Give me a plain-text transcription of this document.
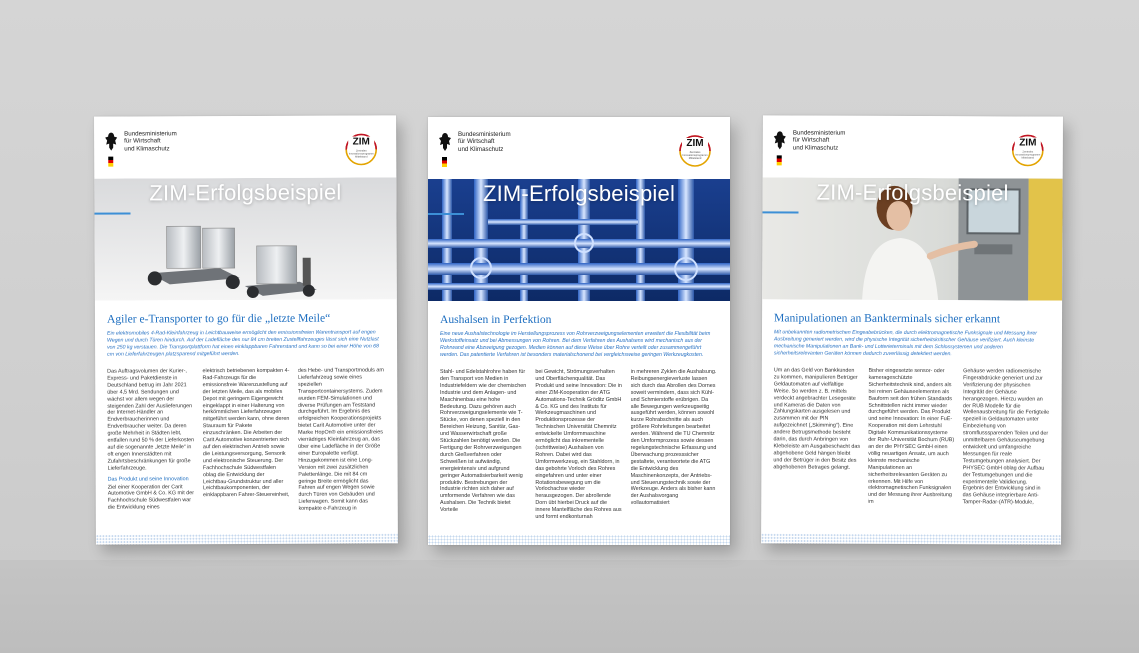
Bundesministerium
für Wirtschaft
und Klimaschutz
ZIM
Zentrales
Innovationsprogramm
Mittelstand
ZIM-Erfolgsbeispiel
Agiler e-Transporter to go für die „letzte Meile“
Ein elektromobiles 4-Rad-Kleinfahrzeug in Leichtbauweise ermöglicht den emissionsfreien Warentransport auf engen Wegen und durch Türen hindurch. Auf der Ladefläche des nur 84 cm breiten Zustellfahrzeuges lässt sich eine Nutzlast von 250 kg verstauen. Die Transportplattform hat einen einklappbaren Fahrerstand und kann so bei einer Höhe von 68 cm von Lieferfahrzeugen platzsparend mitgeführt werden.
Das Auftragsvolumen der Kurier-, Express- und Paketdienste in Deutschland betrug im Jahr 2021 über 4,5 Mrd. Sendungen und wächst vor allem wegen der steigenden Zahl der Auslieferungen der Internet-Händler an Endverbraucherinnen und Endverbraucher weiter. Da deren große Mehrheit in Städten lebt, entfallen rund 50 % der Lieferkosten auf die sogenannte „letzte Meile“ in oft engen Innenstädten mit Zufahrtsbeschränkungen für große Lieferfahrzeuge.
Das Produkt und seine Innovation
Ziel einer Kooperation der Carit Automotive GmbH & Co. KG mit der Fachhochschule Südwestfalen war die Entwicklung eines
elektrisch betriebenen kompakten 4-Rad-Fahrzeugs für die emissionsfreie Warenzustellung auf der letzten Meile, das als mobiles Depot mit geringem Eigengewicht eingeklappt in einer Halterung von herkömmlichen Lieferfahrzeugen mitgeführt werden kann, ohne deren Stauraum für Pakete einzuschränken. Die Arbeiten der Carit Automotive konzentrierten sich auf den elektrischen Antrieb sowie die Leistungsversorgung, Sensorik und elektronische Steuerung. Der Fachhochschule Südwestfalen oblag die Entwicklung der Leichtbau-Grundstruktur und aller Leichtbaukomponenten, der einklappbaren Fahrer-Steuereinheit,
des Hebe- und Transportmoduls am Lieferfahrzeug sowie eines speziellen Transportcontainersystems. Zudem wurden FEM-Simulationen und diverse Prüfungen am Teststand durchgeführt. Im Ergebnis des erfolgreichen Kooperationsprojekts bietet Carit Automotive unter der Marke HopOn® ein emissionsfreies vierrädriges Kleinfahrzeug an, das über eine Ladefläche in der Größe einer Europalette verfügt. Hinzugekommen ist eine Long-Version mit zwei zusätzlichen Palettenlänge. Die mit 84 cm geringe Breite ermöglicht das Fahren auf engen Wegen sowie durch Türen von Gebäuden und Lieferwagen. Somit kann das kompakte e-Fahrzeug in
Bundesministerium
für Wirtschaft
und Klimaschutz
ZIM
Zentrales
Innovationsprogramm
Mittelstand
ZIM-Erfolgsbeispiel
Aushalsen in Perfektion
Eine neue Aushalstechnologie im Herstellungsprozess von Rohrverzweigungselementen erweitert die Flexibilität beim Werkstoffeinsatz und bei Abmessungen von Rohren. Bei dem Verfahren des Aushalsens wird mechanisch aus der Rohrwand eine Abzweigung gezogen. Medien können auf diese Weise über Rohre verteilt oder zusammengeführt werden. Das patentierte Verfahren ist besonders materialschonend bei vergleichsweise geringen Werkzeugkosten.
Stahl- und Edelstahlrohre haben für den Transport von Medien in Industriefeldern wie der chemischen Industrie und dem Anlagen- und Maschinenbau eine hohe Bedeutung. Dazu gehören auch Rohrverzweigungselemente wie T-Stücke, von denen speziell in den Bereichen Heizung, Sanitär, Gas- und Wasserwirtschaft große Stückzahlen benötigt werden. Die Fertigung der Rohrverzweigungen durch Gießverfahren oder Schweißen ist aufwändig, energieintensiv und aufgrund geringer Automatisierbarkeit wenig produktiv. Bestrebungen der Industrie richten sich daher auf umformende Verfahren wie das Aushalsen. Die Technik bietet Vorteile
bei Gewicht, Strömungsverhalten und Oberflächenqualität. Das Produkt und seine Innovation: Die in einer ZIM-Kooperation der ATG Automations-Technik Gröditz GmbH & Co. KG und des Instituts für Werkzeugmaschinen und Produktionsprozesse der Technischen Universität Chemnitz entwickelte Umformmaschine ermöglicht das inkrementelle (schrittweise) Aushalsen von Rohren. Dabei wird das Umformwerkzeug, ein Stahldorn, in das gebohrte Vorloch des Rohres eingefahren und unter einer Rotationsbewegung um die Vorlochachse wieder herausgezogen. Der abrollende Dorn übt hierbei Druck auf die innere Mantelfläche des Rohres aus und formt endkonturnah
in mehreren Zyklen die Aushalsung. Reibungsenergieverluste lassen sich durch das Abrollen des Dornes soweit vermindern, dass sich Kühl- und Schmierstoffe erübrigen. Da alle Bewegungen werkzeugseitig ausgeführt werden, können sowohl kurze Rohrabschnitte als auch größere Rohrleitungen bearbeitet werden. Während die TU Chemnitz den Umformprozess sowie dessen regelungstechnische Erfassung und Überwachung prozesssicher gestaltete, verantwortete die ATG die Entwicklung des Maschinenkonzepts, der Antriebs- und Steuerungstechnik sowie der Werkzeuge. Anders als bisher kann der Aushalsvorgang vollautomatisiert
Bundesministerium
für Wirtschaft
und Klimaschutz	ZIM
Zentrales
Innovationsprogramm
Mittelstand
ZIM-Erfolgsbeispiel
Manipulationen an Bankterminals sicher erkannt
Mit unbekannten radiometrischen Eingeabebrücken, die durch elektromagnetische Funksignale und Messung ihrer Ausbreitung generiert werden, wird die physische Integrität sicherheitskritischer Gehäuse verifiziert. Auch kleinste mechanische Manipulationen an Bank- und Lotterieterminals mit dem Schlossystemen und anderen sicherheitsrelevanten Geräten können dadurch zuverlässig detektiert werden.
Um an das Geld von Bankkunden zu kommen, manipulieren Betrüger Geldautomaten auf vielfältige Weise. So werden z. B. mittels verdeckt angebrachter Lesegeräte und Kameras die Daten von Zahlungskarten ausgelesen und zusammen mit der PIN aufgezeichnet („Skimming“). Eine andere Betrugsmethode besteht darin, das durch Anbringen von Klebeleiste am Ausgabeschacht das abgehobene Geld hängen bleibt und der Betrüger in den Besitz des abgehobenen Betrages gelangt.
Bisher eingesetzte sensor- oder kamerageschützte Sicherheitstechnik sind, anders als bei reinen Gehäuseelementen als Bauform seit den frühen Standards Schnittstellen nicht immer wieder durchgeführt werden. Das Produkt und seine Innovation: In einer FuE-Kooperation mit dem Lehrstuhl Digitale Kommunikationssysteme der Ruhr-Universität Bochum (RUB) an der die PHYSEC GmbH einen völlig neuartigen Ansatz, um auch kleinste mechanische Manipulationen an sicherheitsrelevanten Geräten zu erkennen. Mit Hilfe von elektromagnetischen Funksignalen und der Messung ihrer Ausbreitung im
Gehäuse werden radiometrische Fingerabdrücke generiert und zur Verifizierung der physischen Integrität der Gehäuse herangezogen. Hierzu wurden an der RUB Modelle für die Wellenausbreitung für die Fertigteile speziell in Geldautomaten unter Einbeziehung von stromflusssparenden Teilen und der unmittelbaren Gehäuseumgebung entwickelt und umfangreiche Messungen für reale Testumgebungen analysiert. Der PHYSEC GmbH oblag der Aufbau der Testumgebungen und die experimentelle Validierung. Ergebnis der Entwicklung sind in das Gehäuse integrierbare Anti-Tamper-Radar-(ATR)-Module,
